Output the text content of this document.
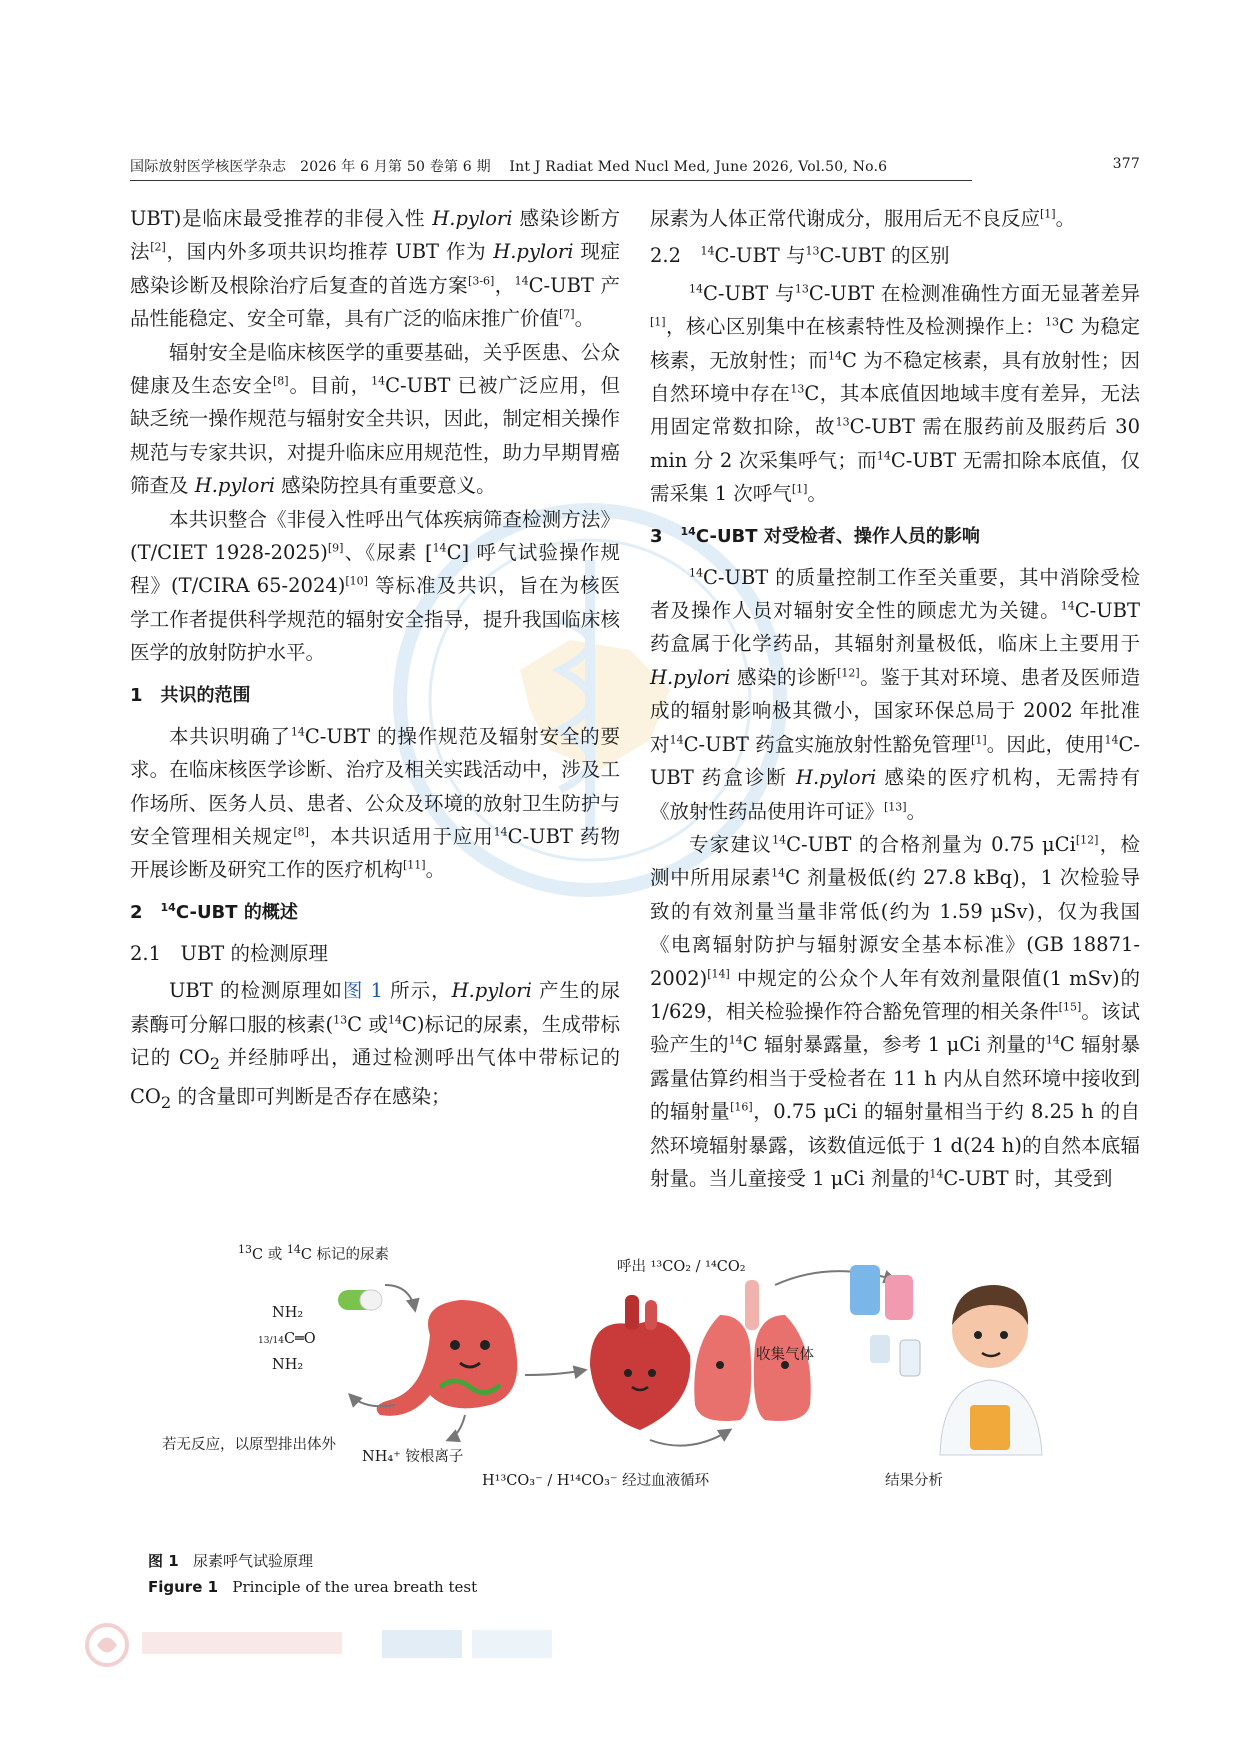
国际放射医学核医学杂志 2026 年 6 月第 50 卷第 6 期 Int J Radiat Med Nucl Med, June 2026, Vol.50, No.6	377

UBT)是临床最受推荐的非侵入性 H.pylori 感染诊断方法[2]，国内外多项共识均推荐 UBT 作为 H.pylori 现症感染诊断及根除治疗后复查的首选方案[3-6]，$^{14}$C-UBT 产品性能稳定、安全可靠，具有广泛的临床推广价值[7]。

辐射安全是临床核医学的重要基础，关乎医患、公众健康及生态安全[8]。目前，$^{14}$C-UBT 已被广泛应用，但缺乏统一操作规范与辐射安全共识，因此，制定相关操作规范与专家共识，对提升临床应用规范性，助力早期胃癌筛查及 H.pylori 感染防控具有重要意义。

本共识整合《非侵入性呼出气体疾病筛查检测方法》(T/CIET 1928-2025)[9]、《尿素 [$^{14}$C] 呼气试验操作规程》(T/CIRA 65-2024)[10] 等标准及共识，旨在为核医学工作者提供科学规范的辐射安全指导，提升我国临床核医学的放射防护水平。

1　共识的范围

本共识明确了$^{14}$C-UBT 的操作规范及辐射安全的要求。在临床核医学诊断、治疗及相关实践活动中，涉及工作场所、医务人员、患者、公众及环境的放射卫生防护与安全管理相关规定[8]，本共识适用于应用$^{14}$C-UBT 药物开展诊断及研究工作的医疗机构[11]。

2　$^{14}$C-UBT 的概述
2.1　UBT 的检测原理

UBT 的检测原理如图 1 所示，H.pylori 产生的尿素酶可分解口服的核素($^{13}$C 或$^{14}$C)标记的尿素，生成带标记的 $CO_2$ 并经肺呼出，通过检测呼出气体中带标记的 $CO_2$ 的含量即可判断是否存在感染；

尿素为人体正常代谢成分，服用后无不良反应[1]。

2.2　$^{14}$C-UBT 与$^{13}$C-UBT 的区别

$^{14}$C-UBT 与$^{13}$C-UBT 在检测准确性方面无显著差异[1]，核心区别集中在核素特性及检测操作上：$^{13}$C 为稳定核素，无放射性；而$^{14}$C 为不稳定核素，具有放射性；因自然环境中存在$^{13}$C，其本底值因地域丰度有差异，无法用固定常数扣除，故$^{13}$C-UBT 需在服药前及服药后 30 min 分 2 次采集呼气；而$^{14}$C-UBT 无需扣除本底值，仅需采集 1 次呼气[1]。

3　$^{14}$C-UBT 对受检者、操作人员的影响

$^{14}$C-UBT 的质量控制工作至关重要，其中消除受检者及操作人员对辐射安全性的顾虑尤为关键。$^{14}$C-UBT 药盒属于化学药品，其辐射剂量极低，临床上主要用于 H.pylori 感染的诊断[12]。鉴于其对环境、患者及医师造成的辐射影响极其微小，国家环保总局于 2002 年批准对$^{14}$C-UBT 药盒实施放射性豁免管理[1]。因此，使用$^{14}$C-UBT 药盒诊断 H.pylori 感染的医疗机构，无需持有《放射性药品使用许可证》[13]。

专家建议$^{14}$C-UBT 的合格剂量为 0.75 μCi[12]，检测中所用尿素$^{14}$C 剂量极低(约 27.8 kBq)，1 次检验导致的有效剂量当量非常低(约为 1.59 μSv)，仅为我国《电离辐射防护与辐射源安全基本标准》(GB 18871-2002)[14] 中规定的公众个人年有效剂量限值(1 mSv)的 1/629，相关检验操作符合豁免管理的相关条件[15]。该试验产生的$^{14}$C 辐射暴露量，参考 1 μCi 剂量的$^{14}$C 辐射暴露量估算约相当于受检者在 11 h 内从自然环境中接收到的辐射量[16]，0.75 μCi 的辐射量相当于约 8.25 h 的自然环境辐射暴露，该数值远低于 1 d(24 h)的自然本底辐射量。当儿童接受 1 μCi 剂量的$^{14}$C-UBT 时，其受到

$^{13}$C 或 $^{14}$C 标记的尿素
NH₂
13/14C═O
NH₂
若无反应，以原型排出体外
NH₄⁺ 铵根离子
H¹³CO₃⁻ / H¹⁴CO₃⁻ 经过血液循环
呼出 ¹³CO₂ / ¹⁴CO₂
收集气体
结果分析
图 1 尿素呼气试验原理
Figure 1 Principle of the urea breath test
